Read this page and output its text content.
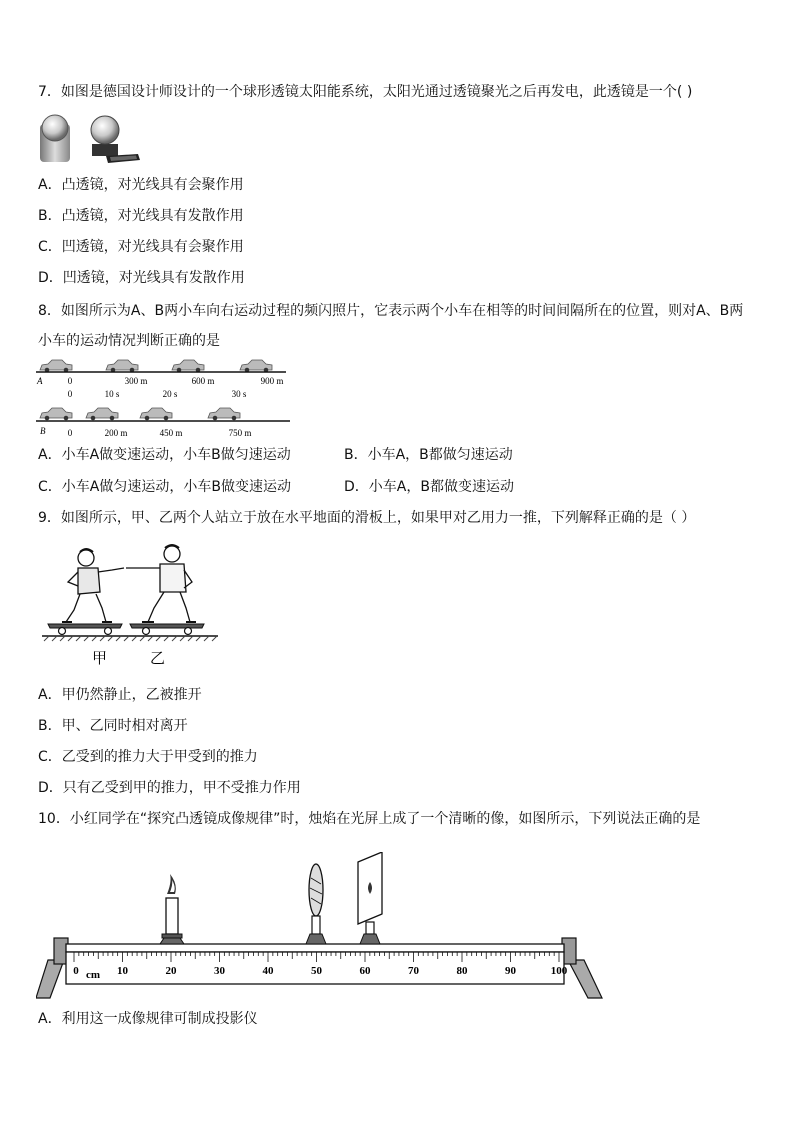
7．如图是德国设计师设计的一个球形透镜太阳能系统，太阳光通过透镜聚光之后再发电，此透镜是一个( )
A．凸透镜，对光线具有会聚作用
B．凸透镜，对光线具有发散作用
C．凹透镜，对光线具有会聚作用
D．凹透镜，对光线具有发散作用
8．如图所示为A、B两小车向右运动过程的频闪照片，它表示两个小车在相等的时间间隔所在的位置，则对A、B两
小车的运动情况判断正确的是
A	0	300 m	600 m	900 m
0	10 s	20 s	30 s
B 0	200 m	450 m	750 m
A．小车A做变速运动，小车B做匀速运动	B．小车A，B都做匀速运动
C．小车A做匀速运动，小车B做变速运动	D．小车A，B都做变速运动
9．如图所示，甲、乙两个人站立于放在水平地面的滑板上，如果甲对乙用力一推，下列解释正确的是（ ）
甲	乙
A．甲仍然静止，乙被推开
B．甲、乙同时相对离开
C．乙受到的推力大于甲受到的推力
D．只有乙受到甲的推力，甲不受推力作用
10．小红同学在“探究凸透镜成像规律”时，烛焰在光屏上成了一个清晰的像，如图所示，下列说法正确的是
0	10	20	30	40	50	60	70	80	90	100
cm
A．利用这一成像规律可制成投影仪
